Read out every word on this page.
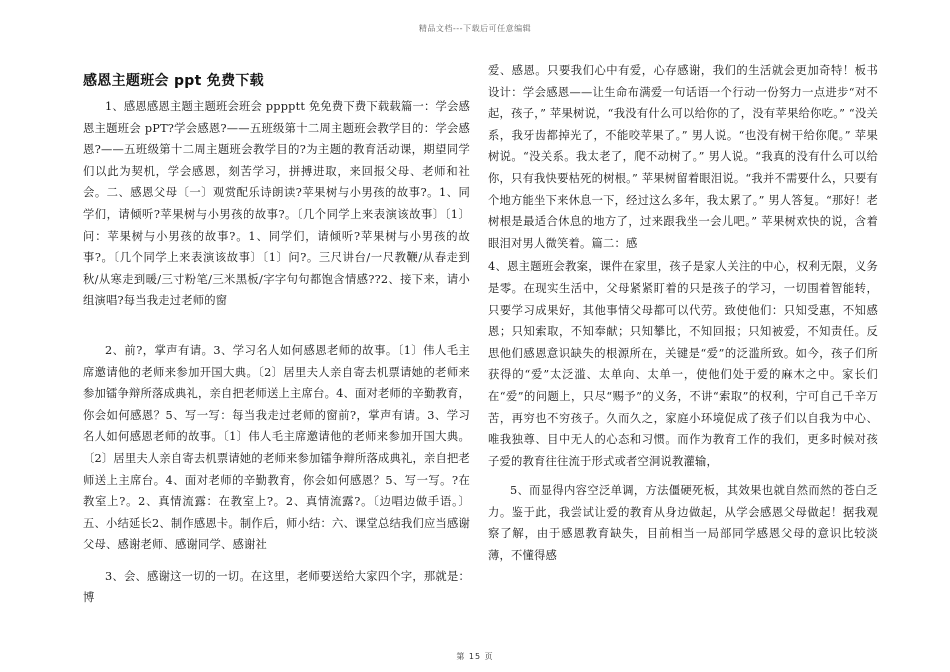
精品文档---下载后可任意编辑
感恩主题班会 ppt 免费下载

1、感恩感恩主题主题班会班会 pppptt 免免费下费下载载篇一：学会感恩主题班会 pPT?学会感恩?——五班级第十二周主题班会教学目的：学会感恩?——五班级第十二周主题班会教学目的?为主题的教育活动课，期望同学们以此为契机，学会感恩，刻苦学习，拼搏进取，来回报父母、老师和社会。二、感恩父母〔一〕观赏配乐诗朗读?苹果树与小男孩的故事?。1、同学们，请倾听?苹果树与小男孩的故事?。〔几个同学上来表演该故事〕〔1〕问：苹果树与小男孩的故事?。1、同学们，请倾听?苹果树与小男孩的故事?。〔几个同学上来表演该故事〕〔1〕问?。三尺讲台/一尺教鞭/从春走到秋/从寒走到暖/三寸粉笔/三米黑板/字字句句都饱含情感??2、接下来，请小组演唱?每当我走过老师的窗

2、前?，掌声有请。3、学习名人如何感恩老师的故事。〔1〕伟人毛主席邀请他的老师来参加开国大典。〔2〕居里夫人亲自寄去机票请她的老师来参加镭争辩所落成典礼，亲自把老师送上主席台。4、面对老师的辛勤教育，你会如何感恩？5、写一写：每当我走过老师的窗前?，掌声有请。3、学习名人如何感恩老师的故事。〔1〕伟人毛主席邀请他的老师来参加开国大典。〔2〕居里夫人亲自寄去机票请她的老师来参加镭争辩所落成典礼，亲自把老师送上主席台。4、面对老师的辛勤教育，你会如何感恩？5、写一写。?在教室上?。2、真情流露：在教室上?。2、真情流露?。〔边唱边做手语。〕五、小结延长2、制作感恩卡。制作后，师小结：六、课堂总结我们应当感谢父母、感谢老师、感谢同学、感谢社

3、会、感谢这一切的一切。在这里，老师要送给大家四个字，那就是：博

爱、感恩。只要我们心中有爱，心存感谢，我们的生活就会更加奇特！板书设计：学会感恩——让生命布满爱一句话语一个行动一份努力一点进步“对不起，孩子，” 苹果树说，“我没有什么可以给你的了，没有苹果给你吃。” “没关系，我牙齿都掉光了，不能咬苹果了。” 男人说。“也没有树干给你爬。” 苹果树说。“没关系。我太老了，爬不动树了。” 男人说。“我真的没有什么可以给你，只有我快要枯死的树根。” 苹果树留着眼泪说。“我并不需要什么，只要有个地方能坐下来休息一下，经过这么多年，我太累了。” 男人答复。“那好！老树根是最适合休息的地方了，过来跟我坐一会儿吧。” 苹果树欢快的说，含着眼泪对男人微笑着。篇二：感

4、恩主题班会教案，课件在家里，孩子是家人关注的中心，权利无限，义务是零。在现实生活中，父母紧紧盯着的只是孩子的学习，一切围着智能转，只要学习成果好，其他事情父母都可以代劳。致使他们：只知受惠，不知感恩；只知索取，不知奉献；只知攀比，不知回报；只知被爱，不知责任。反思他们感恩意识缺失的根源所在，关键是“爱”的泛滥所致。如今，孩子们所获得的“爱”太泛滥、太单向、太单一，使他们处于爱的麻木之中。家长们在“爱”的问题上，只尽“赐予”的义务，不讲“索取”的权利，宁可自己千辛万苦，再穷也不穷孩子。久而久之，家庭小环境促成了孩子们以自我为中心、唯我独尊、目中无人的心态和习惯。而作为教育工作的我们，更多时候对孩子爱的教育往往流于形式或者空洞说教灌输，

5、而显得内容空泛单调，方法僵硬死板，其效果也就自然而然的苍白乏力。鉴于此，我尝试让爱的教育从身边做起，从学会感恩父母做起！据我观察了解，由于感恩教育缺失，目前相当一局部同学感恩父母的意识比较淡薄，不懂得感

第 15 页
